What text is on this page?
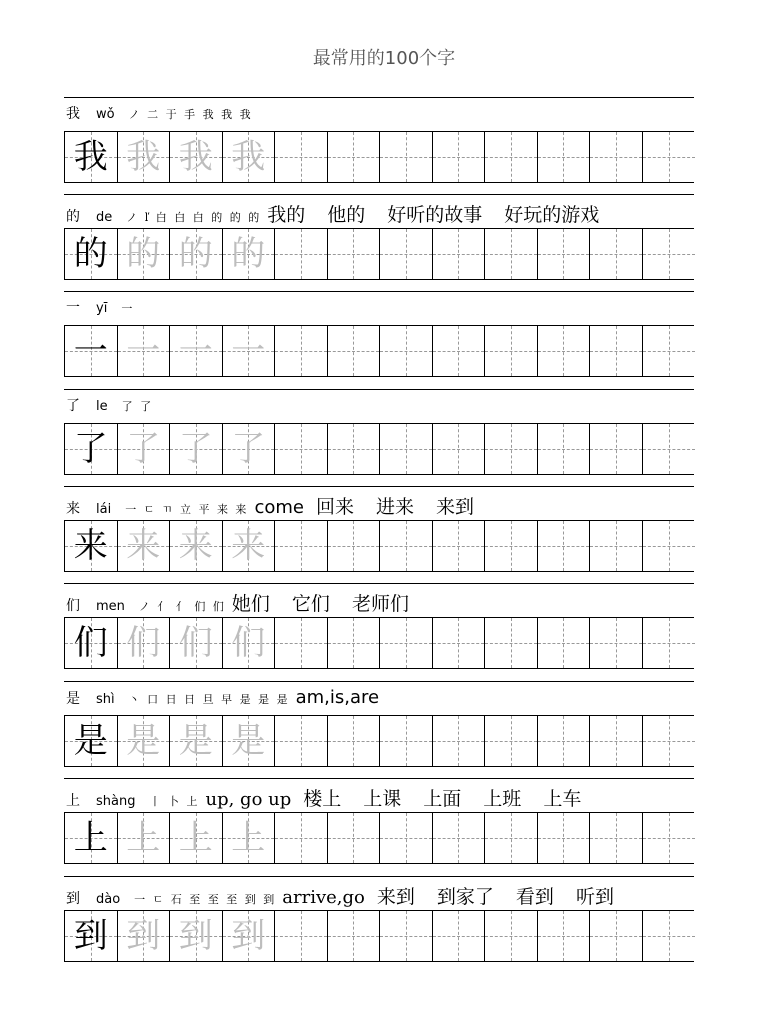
最常用的100个字
我 wǒ ノ 二 于 手 我 我 我
我 我 我 我
的 de ノ ľ 白 白 白 的 的 的 我的 他的 好听的故事 好玩的游戏
的 的 的 的
一 yī 一
一 一 一 一
了 le 了 了
了 了 了 了
来 lái 一 ㄷ ㄲ 立 平 来 来 come 回来 进来 来到
来 来 来 来
们 men ノ 亻 亻 们 们 她们 它们 老师们
们 们 们 们
是 shì 丶 口 日 日 旦 早 是 是 是 am,is,are
是 是 是 是
上 shàng 丨 卜 上 up, go up 楼上 上课 上面 上班 上车
上 上 上 上
到 dào 一 ㄷ 石 至 至 至 到 到 arrive,go 来到 到家了 看到 听到
到 到 到 到
